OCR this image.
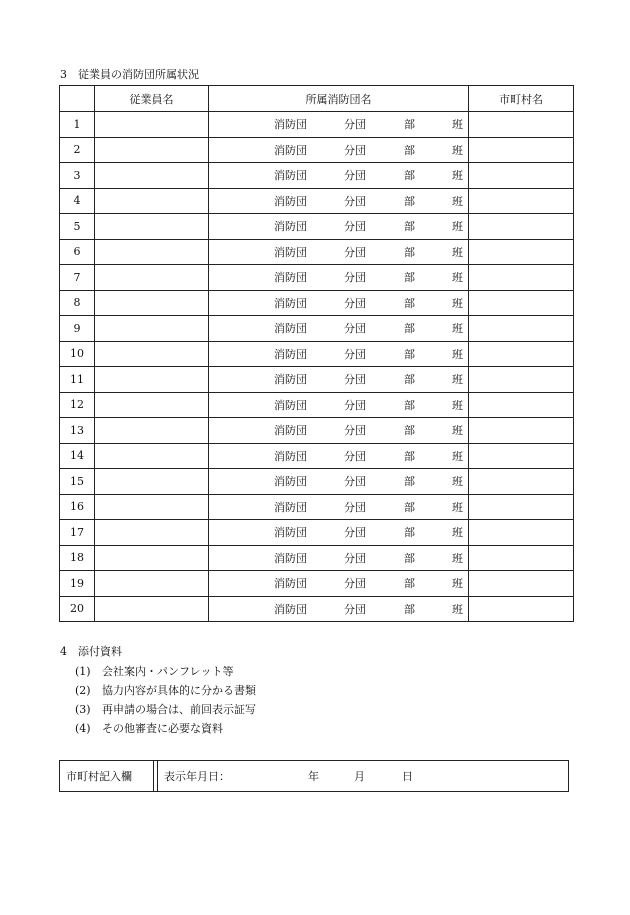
3 従業員の消防団所属状況
	従業員名	所属消防団名	市町村名
1		消防団 分団 部 班	

2		消防団 分団 部 班	

3		消防団 分団 部 班	

4		消防団 分団 部 班	

5		消防団 分団 部 班	

6		消防団 分団 部 班	

7		消防団 分団 部 班	

8		消防団 分団 部 班	

9		消防団 分団 部 班	

10		消防団 分団 部 班	

11		消防団 分団 部 班	

12		消防団 分団 部 班	

13		消防団 分団 部 班	

14		消防団 分団 部 班	

15		消防団 分団 部 班	

16		消防団 分団 部 班	

17		消防団 分団 部 班	

18		消防団 分団 部 班	

19		消防団 分団 部 班	

20		消防団 分団 部 班	

4 添付資料
(1) 会社案内・パンフレット等
(2) 協力内容が具体的に分かる書類
(3) 再申請の場合は、前回表示証写
(4) その他審査に必要な資料
市町村記入欄	表示年月日：	年	月	日
